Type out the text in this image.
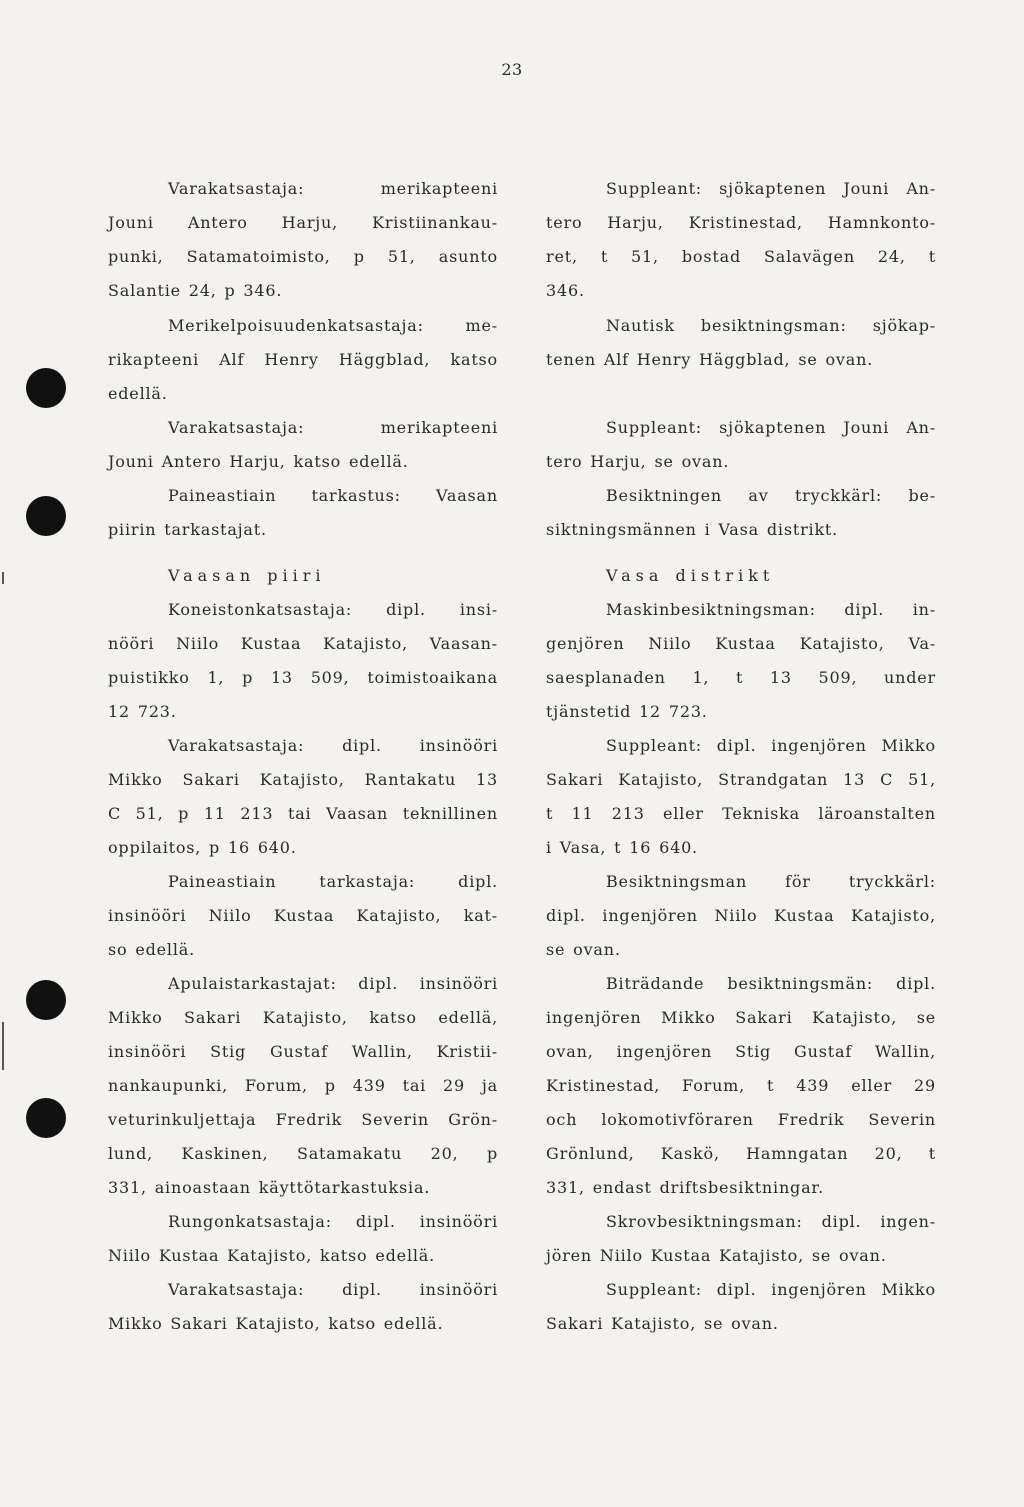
23
Varakatsastaja: merikapteeni
Jouni Antero Harju, Kristiinankau-
punki, Satamatoimisto, p 51, asunto
Salantie 24, p 346.
Merikelpoisuudenkatsastaja: me-
rikapteeni Alf Henry Häggblad, katso
edellä.
Varakatsastaja: merikapteeni
Jouni Antero Harju, katso edellä.
Paineastiain tarkastus: Vaasan
piirin tarkastajat.
Vaasan piiri
Koneistonkatsastaja: dipl. insi-
nööri Niilo Kustaa Katajisto, Vaasan-
puistikko 1, p 13 509, toimistoaikana
12 723.
Varakatsastaja: dipl. insinööri
Mikko Sakari Katajisto, Rantakatu 13
C 51, p 11 213 tai Vaasan teknillinen
oppilaitos, p 16 640.
Paineastiain tarkastaja: dipl.
insinööri Niilo Kustaa Katajisto, kat-
so edellä.
Apulaistarkastajat: dipl. insinööri
Mikko Sakari Katajisto, katso edellä,
insinööri Stig Gustaf Wallin, Kristii-
nankaupunki, Forum, p 439 tai 29 ja
veturinkuljettaja Fredrik Severin Grön-
lund, Kaskinen, Satamakatu 20, p
331, ainoastaan käyttötarkastuksia.
Rungonkatsastaja: dipl. insinööri
Niilo Kustaa Katajisto, katso edellä.
Varakatsastaja: dipl. insinööri
Mikko Sakari Katajisto, katso edellä.
Suppleant: sjökaptenen Jouni An-
tero Harju, Kristinestad, Hamnkonto-
ret, t 51, bostad Salavägen 24, t
346.
Nautisk besiktningsman: sjökap-
tenen Alf Henry Häggblad, se ovan.
Suppleant: sjökaptenen Jouni An-
tero Harju, se ovan.
Besiktningen av tryckkärl: be-
siktningsmännen i Vasa distrikt.
Vasa distrikt
Maskinbesiktningsman: dipl. in-
genjören Niilo Kustaa Katajisto, Va-
saesplanaden 1, t 13 509, under
tjänstetid 12 723.
Suppleant: dipl. ingenjören Mikko
Sakari Katajisto, Strandgatan 13 C 51,
t 11 213 eller Tekniska läroanstalten
i Vasa, t 16 640.
Besiktningsman för tryckkärl:
dipl. ingenjören Niilo Kustaa Katajisto,
se ovan.
Biträdande besiktningsmän: dipl.
ingenjören Mikko Sakari Katajisto, se
ovan, ingenjören Stig Gustaf Wallin,
Kristinestad, Forum, t 439 eller 29
och lokomotivföraren Fredrik Severin
Grönlund, Kaskö, Hamngatan 20, t
331, endast driftsbesiktningar.
Skrovbesiktningsman: dipl. ingen-
jören Niilo Kustaa Katajisto, se ovan.
Suppleant: dipl. ingenjören Mikko
Sakari Katajisto, se ovan.
